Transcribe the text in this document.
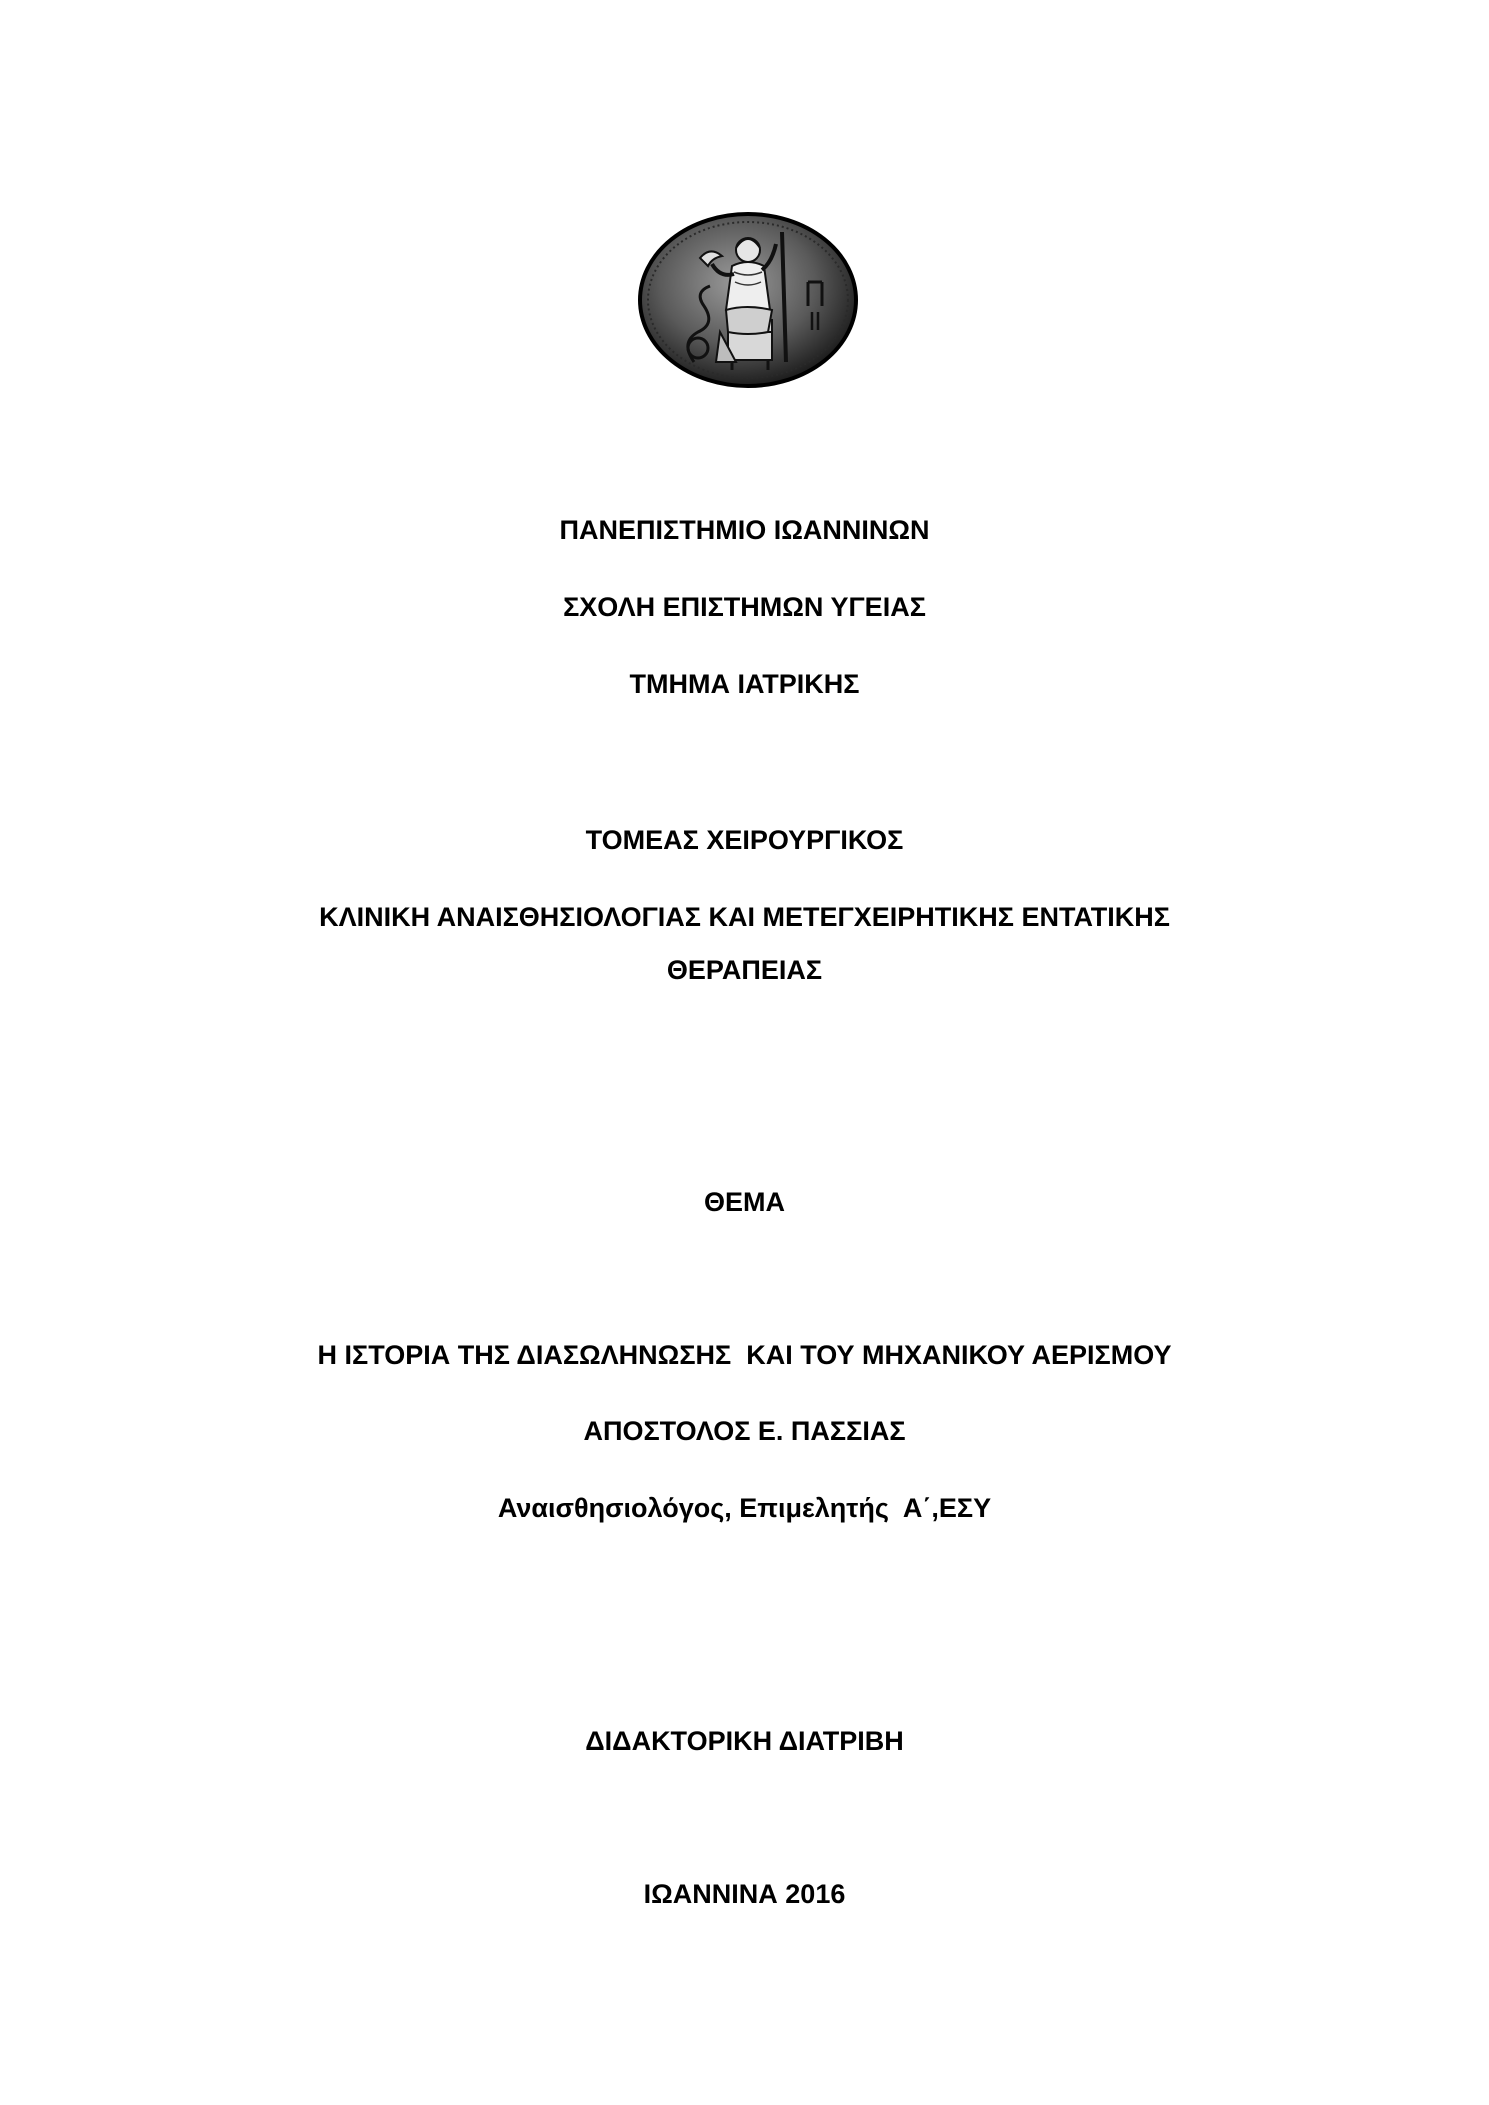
ΠΑΝΕΠΙΣΤΗΜΙΟ ΙΩΑΝΝΙΝΩΝ
ΣΧΟΛΗ ΕΠΙΣΤΗΜΩΝ ΥΓΕΙΑΣ
ΤΜΗΜΑ ΙΑΤΡΙΚΗΣ
ΤΟΜΕΑΣ ΧΕΙΡΟΥΡΓΙΚΟΣ
ΚΛΙΝΙΚΗ ΑΝΑΙΣΘΗΣΙΟΛΟΓΙΑΣ ΚΑΙ ΜΕΤΕΓΧΕΙΡΗΤΙΚΗΣ ΕΝΤΑΤΙΚΗΣ
ΘΕΡΑΠΕΙΑΣ
ΘΕΜΑ
Η ΙΣΤΟΡΙΑ ΤΗΣ ΔΙΑΣΩΛΗΝΩΣΗΣ  ΚΑΙ ΤΟΥ ΜΗΧΑΝΙΚΟΥ ΑΕΡΙΣΜΟΥ
ΑΠΟΣΤΟΛΟΣ Ε. ΠΑΣΣΙΑΣ
Αναισθησιολόγος, Επιμελητής  Α΄,ΕΣΥ
ΔΙΔΑΚΤΟΡΙΚΗ ΔΙΑΤΡΙΒΗ
ΙΩΑΝΝΙΝΑ 2016
